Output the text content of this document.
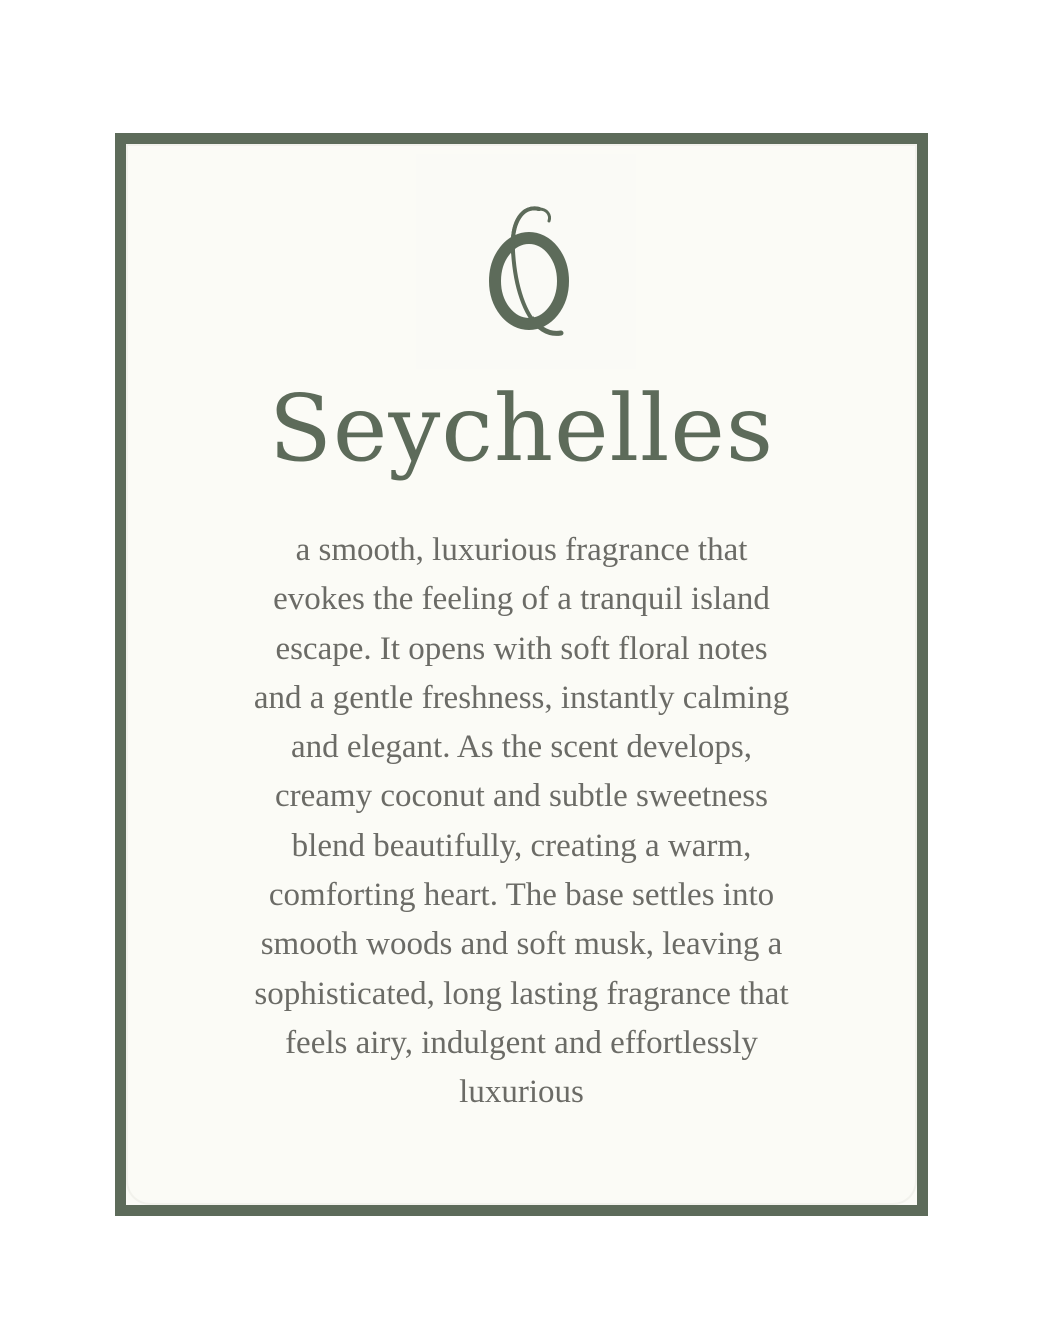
Seychelles
a smooth, luxurious fragrance that
evokes the feeling of a tranquil island
escape. It opens with soft floral notes
and a gentle freshness, instantly calming
and elegant. As the scent develops,
creamy coconut and subtle sweetness
blend beautifully, creating a warm,
comforting heart. The base settles into
smooth woods and soft musk, leaving a
sophisticated, long lasting fragrance that
feels airy, indulgent and effortlessly
luxurious
